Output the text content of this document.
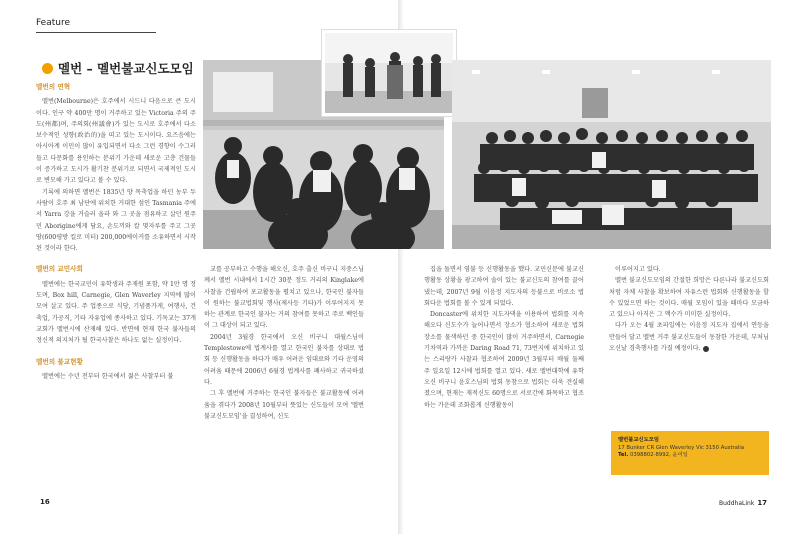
Feature
멜번 – 멜번불교신도모임
멜번의 연혁

멜번(Melbourne)은 호주에서 시드니 다음으로 큰 도시이다. 인구 약 400만 명이 거주하고 있는 Victoria 주의 주도(州都)며, 주의회(州議會)가 있는 도시로 호주에서 다소 보수적인 성향(政治的)을 띠고 있는 도시이다. 요즈음에는 아시아계 이민이 많이 유입되면서 다소 그런 경향이 수그러들고 다문화를 용인하는 분위기 가운데 새로운 고층 건물들이 증가하고 도시가 활기찬 분위기로 되면서 국제적인 도시로 변모해 가고 있다고 볼 수 있다.

기록에 의하면 멜번은 1835년 양 목축업을 하던 농부 두 사람이 호주 최 남단에 위치한 거대한 섬인 Tasmania 주에서 Yarra 강을 거슬러 올라 와 그 곳을 점유하고 살던 원주민 Aborigine에게 담요, 손도끼와 칼 몇자루를 주고 그곳 땅(600평방 킬로 미터) 200,000에이커를 소유하면서 시작된 것이라 한다.

멜번의 교민사회

멜번에는 한국교민이 유학생과 주재원 포함, 약 1만 명 정도며, Box hill, Carnegie, Glen Waverley 지역에 많이 모여 살고 있다. 주 업종으로 식당, 기념품가게, 여행사, 건축업, 가공직, 기타 자유업에 종사하고 있다. 기독교는 37개 교회가 멜번시에 산재해 있다. 반면에 현재 한국 불자들의 정신적 의지처가 될 한국사찰은 하나도 없는 실정이다.

멜번의 불교현황

멜번에는 수년 전부터 한국에서 젊은 사찰부터 불

교를 공부하고 수행을 해오신, 호주 출신 비구니 지중스님께서 멜번 시내에서 1시간 30분 정도 거리의 Kinglake에 사찰을 건립하여 포교활동을 펼치고 있으나, 한국인 불자들이 원하는 불교법회및 행사(제사등 기타)가 이루어지지 못하는 관계로 한국인 불자는 거의 참여를 못하고 주로 백인들이 그 대상이 되고 있다.

2004년 3월경 한국에서 오신 비구니 대월스님이 Templestowe에 법계사를 열고 한국인 불자를 상대로 법회 등 신행활동을 하다가 매우 어려운 임대료와 기타 운영의 어려움 때문에 2006년 6월경 법계사를 폐사하고 귀국하셨다.

그 후 멜번에 거주하는 한국인 불자들은 불교활동에 어려움을 겪다가 2008년 10월부터 뜻있는 신도들이 모여 '멜번불교신도모임'을 결성하여, 신도

집을 돌면서 염불 등 신행활동을 했다. 교민신문에 불교신행활동 상황을 광고하여 솔이 있는 불교신도의 참여를 끌어냈는데, 2007년 9월 이음정 지도자의 등불으로 비로소 법회다운 법회를 볼 수 있게 되었다.

Doncaster에 위치한 지도자댁을 이용하여 법회를 지속해오다 신도수가 늘어나면서 장소가 협소하여 새로운 법회장소를 물색하던 중 한국인이 많이 거주하면서, Carnegie기차역과 가까운 Daring Road 71, 73번지에 위치하고 있는 스리랑카 사찰과 협조하여 2009년 3월부터 매월 둘째 주 일요일 12시에 법회를 열고 있다. 새로 멜번대학에 유학오신 비구니 윤호스님의 법회 동참으로 법회는 더욱 견실해졌으며, 현재는 재적신도 60명으로 서로간에 화목하고 협조하는 가운데 조화롭게 신행활동이

이루어지고 있다.

멜번 불교신도모임의 간절한 희망은 다른나라 불교신도회처럼 자체 사찰을 확보하여 자유스런 법회와 신행활동을 할 수 있었으면 하는 것이다. 매월 모임이 있을 때마다 모금하고 있으나 아직은 그 액수가 미미한 실정이다.

다가 오는 4월 초파일에는 이음정 지도자 집에서 연등을 만들어 달고 멜번 거주 불교신도들이 동참한 가운데, 부처님오신날 경축행사를 가질 예정이다.

멜번불교신도모임
17 Bunker CR Glen Waverley Vic 3150 Australia
Tel. 0398802-8992, 윤여일
16	BuddhaLink 17
